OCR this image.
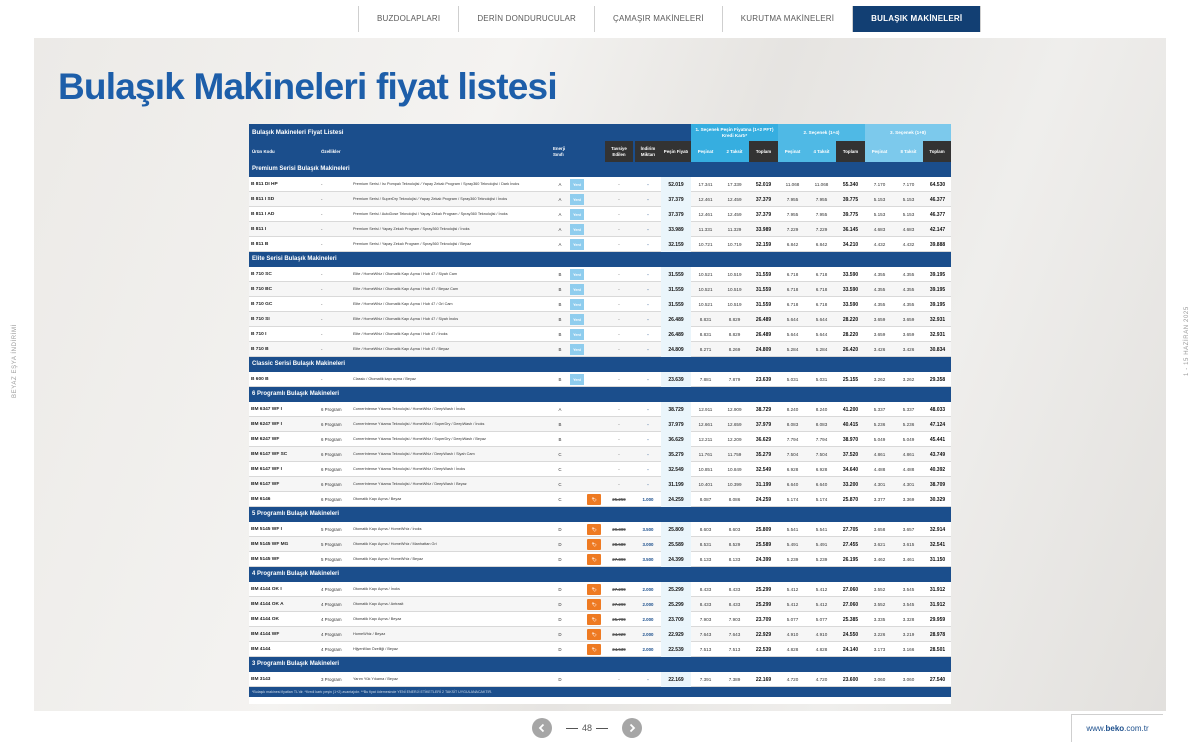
BUZDOLAPLARI	DERİN DONDURUCULAR	ÇAMAŞIR MAKİNELERİ	KURUTMA MAKİNELERİ	BULAŞIK MAKİNELERİ
Bulaşık Makineleri fiyat listesi
BEYAZ EŞYA İNDİRİMİ	1 - 15 HAZİRAN 2025
Bulaşık Makineleri Fiyat Listesi	1. Seçenek Peşin Fiyatına (1+2 PFT) Kredi Kartı*
2. Seçenek (1+4)	3. Seçenek (1+8)
Ürün Kodu	Özellikler
Enerji Sınıfı
Tavsiye Edilen
İndirim Miktarı
Peşin Fiyatı	Peşinat	2 Taksit	Toplam	Peşinat	4 Taksit	Toplam	Peşinat	8 Taksit	Toplam
Premium Serisi Bulaşık Makineleri
B 811 DI HP	-	Premium Serisi / Isı Pompalı Teknolojisi / Yapay Zekalı Program / Spray360 Teknolojisi / Dark İnoks	A	Yeni	-	-	52.019	17.341	17.339	52.019	11.068	11.068	55.340	7.170	7.170	64.530
B 811 I SD	-	Premium Serisi / SuperDry Teknolojisi / Yapay Zekalı Program / Spray360 Teknolojisi / İnoks	A	Yeni	-	-	37.379	12.461	12.459	37.379	7.955	7.955	39.775	5.153	5.153	46.377
B 811 I AD	-	Premium Serisi / AutoDose Teknolojisi / Yapay Zekalı Program / Spray360 Teknolojisi / İnoks	A	Yeni	-	-	37.379	12.461	12.459	37.379	7.955	7.955	39.775	5.153	5.153	46.377
B 811 I	-	Premium Serisi / Yapay Zekalı Program / Spray360 Teknolojisi / İnoks	A	Yeni	-	-	33.989	11.331	11.329	33.989	7.229	7.229	36.145	4.683	4.683	42.147
B 811 B	-	Premium Serisi / Yapay Zekalı Program / Spray360 Teknolojisi / Beyaz	A	Yeni	-	-	32.159	10.721	10.719	32.159	6.842	6.842	34.210	4.432	4.432	39.888
Elite Serisi Bulaşık Makineleri
B 710 SC	-	Elite / HomeWhiz / Otomatik Kapı Açma / Hub 47 / Siyah Cam	B	Yeni	-	-	31.559	10.521	10.519	31.559	6.718	6.718	33.590	4.355	4.355	39.195
B 710 BC	-	Elite / HomeWhiz / Otomatik Kapı Açma / Hub 47 / Beyaz Cam	B	Yeni	-	-	31.559	10.521	10.519	31.559	6.718	6.718	33.590	4.355	4.355	39.195
B 710 GC	-	Elite / HomeWhiz / Otomatik Kapı Açma / Hub 47 / Gri Cam	B	Yeni	-	-	31.559	10.521	10.519	31.559	6.718	6.718	33.590	4.355	4.355	39.195
B 710 SI	-	Elite / HomeWhiz / Otomatik Kapı Açma / Hub 47 / Siyah İnoks	B	Yeni	-	-	26.489	8.831	8.829	26.489	5.644	5.644	28.220	3.659	3.659	32.931
B 710 I	-	Elite / HomeWhiz / Otomatik Kapı Açma / Hub 47 / İnoks	B	Yeni	-	-	26.489	8.831	8.829	26.489	5.644	5.644	28.220	3.659	3.659	32.931
B 710 B	-	Elite / HomeWhiz / Otomatik Kapı Açma / Hub 47 / Beyaz	B	Yeni	-	-	24.809	8.271	8.269	24.809	5.284	5.284	26.420	3.426	3.426	30.834
Classic Serisi Bulaşık Makineleri
B 600 B	-	Classic / Otomatik kapı açma / Beyaz	B	Yeni	-	-	23.639	7.881	7.879	23.639	5.031	5.031	25.155	3.262	3.262	29.358
6 Programlı Bulaşık Makineleri
BM 6347 WF I	6 Program	CornerIntense Yıkama Teknolojisi / HomeWhiz / DeepWash / İnoks	A	-	-	38.729	12.911	12.909	38.729	8.240	8.240	41.200	5.337	5.337	48.033
BM 6247 WF I	6 Program	CornerIntense Yıkama Teknolojisi / HomeWhiz / SuperDry / DeepWash / İnoks	B	-	-	37.979	12.661	12.659	37.979	8.083	8.083	40.415	5.236	5.236	47.124
BM 6247 WF	6 Program	CornerIntense Yıkama Teknolojisi / HomeWhiz / SuperDry / DeepWash / Beyaz	B	-	-	36.629	12.211	12.209	36.629	7.794	7.794	38.970	5.049	5.049	45.441
BM 6147 WF SC	6 Program	CornerIntense Yıkama Teknolojisi / HomeWhiz / DeepWash / Siyah Cam	C	-	-	35.279	11.761	11.759	35.279	7.504	7.504	37.520	4.861	4.861	43.749
BM 6147 WF I	6 Program	CornerIntense Yıkama Teknolojisi / HomeWhiz / DeepWash / İnoks	C	-	-	32.549	10.851	10.849	32.549	6.928	6.928	34.640	4.488	4.488	40.392
BM 6147 WF	6 Program	CornerIntense Yıkama Teknolojisi / HomeWhiz / DeepWash / Beyaz	C	-	-	31.199	10.401	10.399	31.199	6.640	6.640	33.200	4.301	4.301	38.709
BM 6146	6 Program	Otomatik Kapı Açma / Beyaz	C	🏷	25.259	1.000	24.259	8.087	8.086	24.259	5.174	5.174	25.870	3.377	3.369	30.329
5 Programlı Bulaşık Makineleri
BM 5145 WF I	5 Program	Otomatik Kapı Açma / HomeWhiz / İnoks	D	🏷	29.309	3.500	25.809	8.603	8.603	25.809	5.541	5.541	27.705	3.658	3.657	32.914
BM 5145 WF MG	5 Program	Otomatik Kapı Açma / HomeWhiz / Manhattan Gri	D	🏷	28.589	3.000	25.589	8.531	8.529	25.589	5.491	5.491	27.455	3.621	3.615	32.541
BM 5145 WF	5 Program	Otomatik Kapı Açma / HomeWhiz / Beyaz	D	🏷	27.899	3.500	24.399	8.133	8.133	24.399	5.239	5.239	26.195	3.462	3.461	31.150
4 Programlı Bulaşık Makineleri
BM 4144 OK I	4 Program	Otomatik Kapı Açma / İnoks	D	🏷	27.299	2.000	25.299	8.433	8.433	25.299	5.412	5.412	27.060	3.552	3.545	31.912
BM 4144 OK A	4 Program	Otomatik Kapı Açma / Antrasit	D	🏷	27.299	2.000	25.299	8.433	8.433	25.299	5.412	5.412	27.060	3.552	3.545	31.912
BM 4144 OK	4 Program	Otomatik Kapı Açma / Beyaz	D	🏷	25.709	2.000	23.709	7.903	7.903	23.709	5.077	5.077	25.385	3.335	3.328	29.959
BM 4144 WF	4 Program	HomeWhiz / Beyaz	D	🏷	24.929	2.000	22.929	7.643	7.643	22.929	4.910	4.910	24.550	3.226	3.219	28.978
BM 4144	4 Program	HijyenMax Özelliği / Beyaz	D	🏷	24.539	2.000	22.539	7.513	7.513	22.539	4.828	4.828	24.140	3.173	3.166	28.501
3 Programlı Bulaşık Makineleri
BM 3143	3 Program	Yarım Yük Yıkama / Beyaz	D	-	-	22.169	7.391	7.389	22.169	4.720	4.720	23.600	3.060	3.060	27.540
*Bulaşık makinesi fiyatları TL'dir. *Kredi kartı peşin (1+2) avantajıdır. **Bu fiyat ödemesinde YENİ ENERJİ ETİKETLERİ 2 TAKSİT UYGULANACAKTIR.
48	www.beko.com.tr
